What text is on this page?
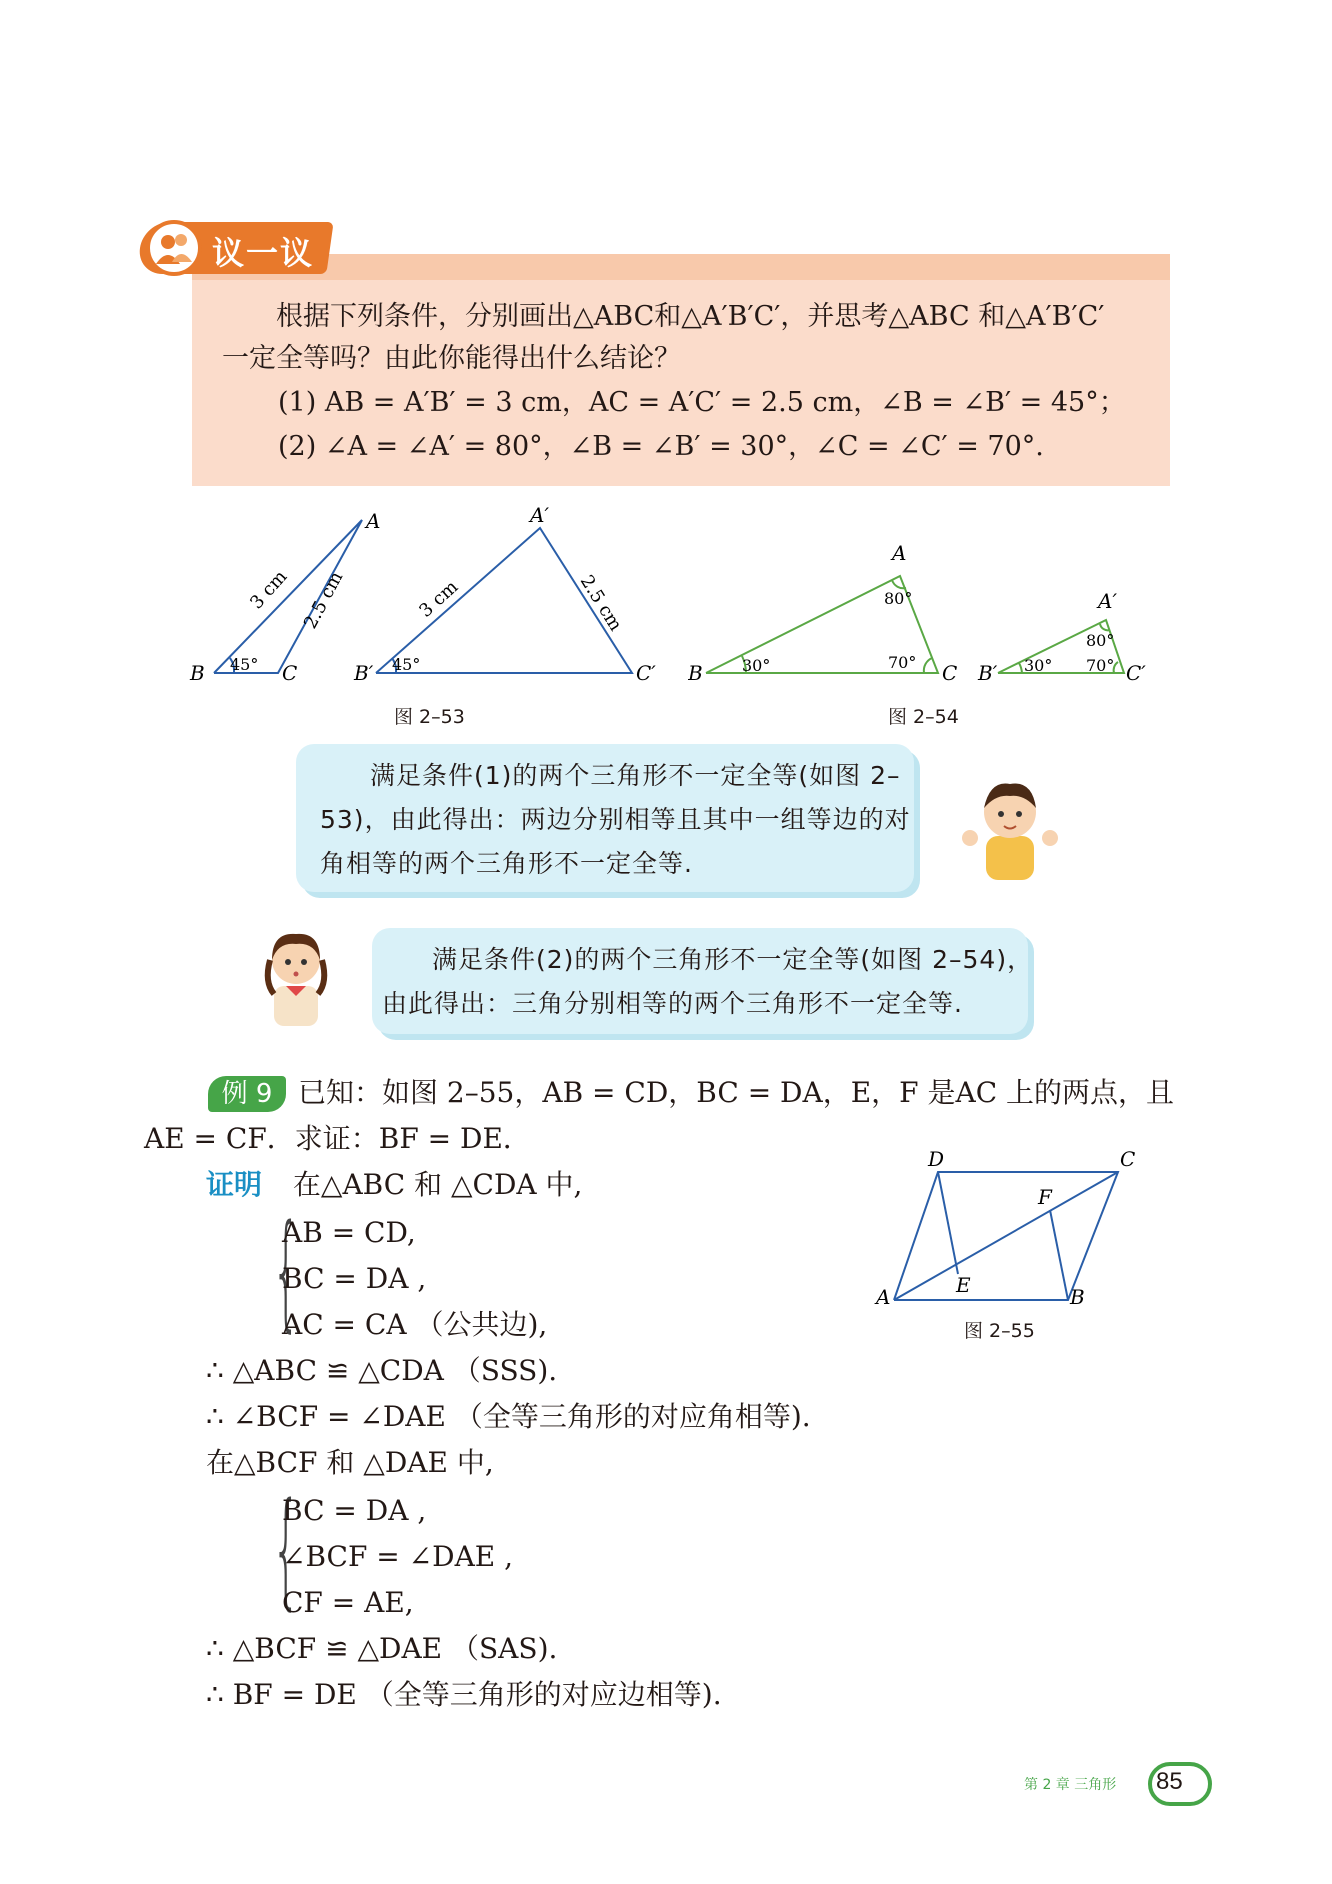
议一议
根据下列条件，分别画出△ABC和△A′B′C′，并思考△ABC 和△A′B′C′
一定全等吗？由此你能得出什么结论？
(1) AB = A′B′ = 3 cm，AC = A′C′ = 2.5 cm，∠B = ∠B′ = 45°；
(2) ∠A = ∠A′ = 80°，∠B = ∠B′ = 30°，∠C = ∠C′ = 70°.
B
A
C
45°
3 cm 2.5 cm
B′
A′
C′
45°
3 cm	2.5 cm
图 2–53
B
A
C
30°
80°
70°	B′
A′
C′
30°
80°
70°
图 2–54
满足条件(1)的两个三角形不一定全等(如图 2–
53)，由此得出：两边分别相等且其中一组等边的对
角相等的两个三角形不一定全等.
满足条件(2)的两个三角形不一定全等(如图 2–54)，
由此得出：三角分别相等的两个三角形不一定全等.
例 9 已知：如图 2–55，AB = CD，BC = DA，E，F 是AC 上的两点，且
AE = CF．求证：BF = DE．
证明 在△ABC 和 △CDA 中,
{
AB = CD,
BC = DA ,
AC = CA （公共边),
∴ △ABC ≌ △CDA （SSS).
∴ ∠BCF = ∠DAE （全等三角形的对应角相等).
在△BCF 和 △DAE 中,
{
BC = DA ,
∠BCF = ∠DAE ,
CF = AE,
∴ △BCF ≌ △DAE （SAS).
∴ BF = DE （全等三角形的对应边相等).
A	B
C
D
E
F
图 2–55
第 2 章 三角形 85
